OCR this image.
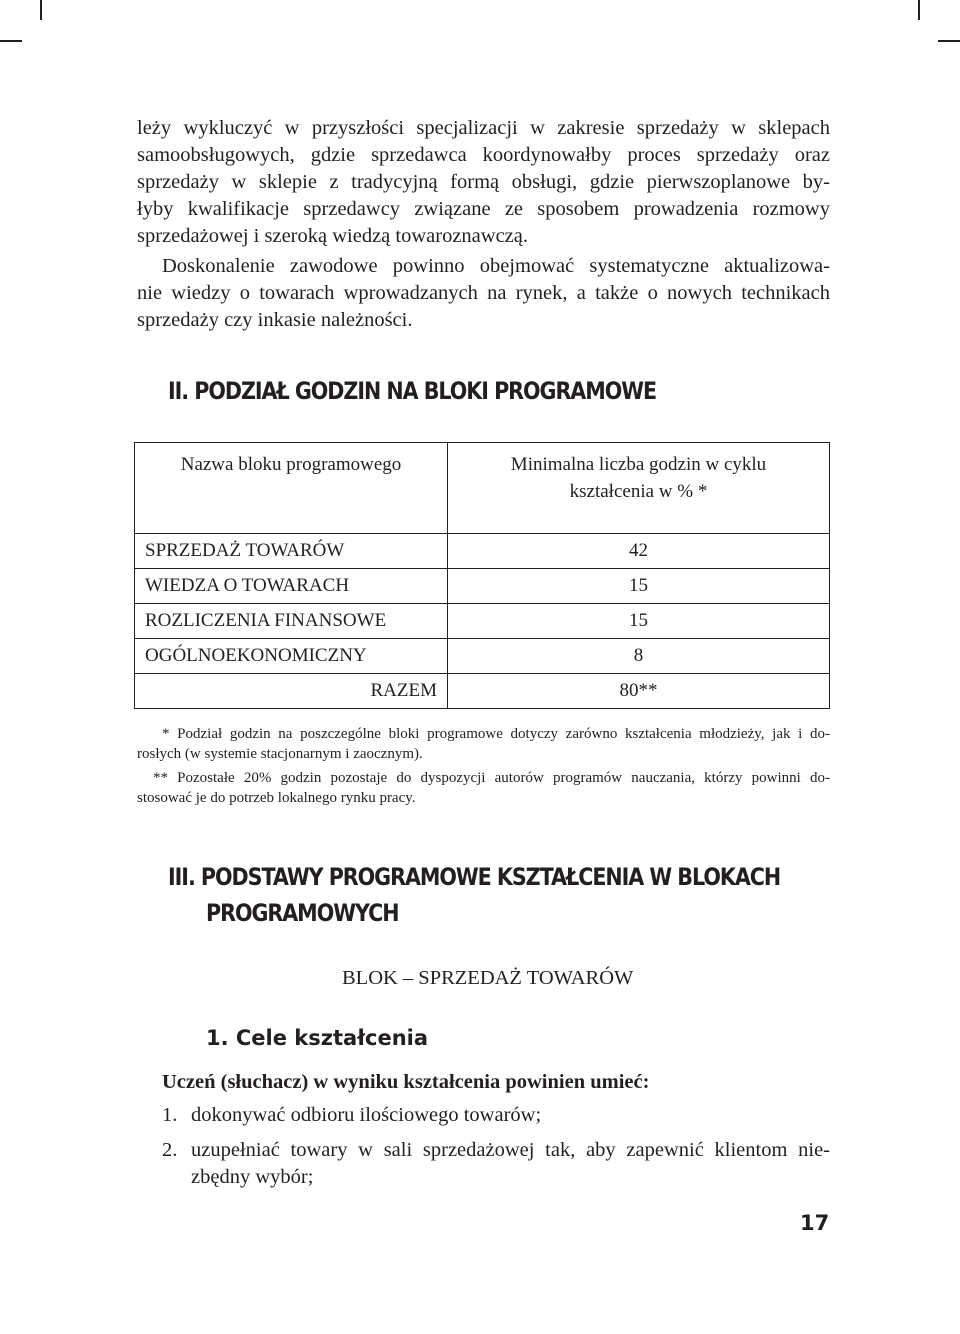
leży wykluczyć w przyszłości specjalizacji w zakresie sprzedaży w sklepach
samoobsługowych, gdzie sprzedawca koordynowałby proces sprzedaży oraz
sprzedaży w sklepie z tradycyjną formą obsługi, gdzie pierwszoplanowe by-
łyby kwalifikacje sprzedawcy związane ze sposobem prowadzenia rozmowy
sprzedażowej i szeroką wiedzą towaroznawczą.
Doskonalenie zawodowe powinno obejmować systematyczne aktualizowa-
nie wiedzy o towarach wprowadzanych na rynek, a także o nowych technikach
sprzedaży czy inkasie należności.
II. PODZIAŁ GODZIN NA BLOKI PROGRAMOWE
Nazwa bloku programowego	Minimalna liczba godzin w cyklu
kształcenia w % *
SPRZEDAŻ TOWARÓW	42
WIEDZA O TOWARACH	15
ROZLICZENIA FINANSOWE	15
OGÓLNOEKONOMICZNY	8
RAZEM	80**
* Podział godzin na poszczególne bloki programowe dotyczy zarówno kształcenia młodzieży, jak i do-
rosłych (w systemie stacjonarnym i zaocznym).
** Pozostałe 20% godzin pozostaje do dyspozycji autorów programów nauczania, którzy powinni do-
stosować je do potrzeb lokalnego rynku pracy.
III. PODSTAWY PROGRAMOWE KSZTAŁCENIA W BLOKACH
PROGRAMOWYCH
BLOK – SPRZEDAŻ TOWARÓW
1. Cele kształcenia
Uczeń (słuchacz) w wyniku kształcenia powinien umieć:
1. dokonywać odbioru ilościowego towarów;
2. uzupełniać towary w sali sprzedażowej tak, aby zapewnić klientom nie-
zbędny wybór;
17
